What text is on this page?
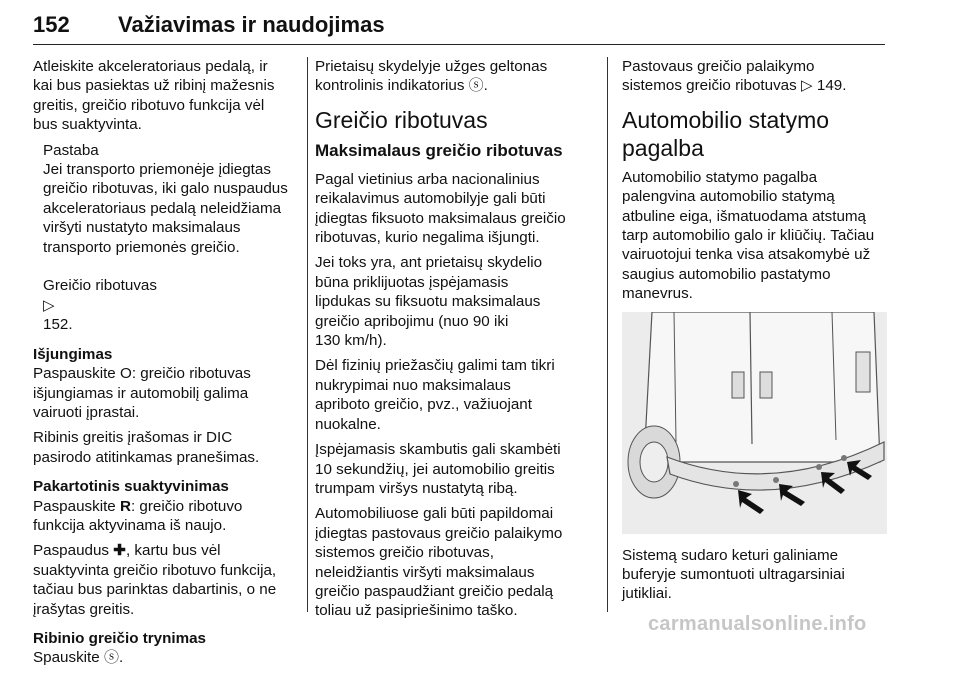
152 Važiavimas ir naudojimas

Atleiskite akceleratoriaus pedalą, ir
kai bus pasiektas už ribinį mažesnis
greitis, greičio ribotuvo funkcija vėl
bus suaktyvinta.

Pastaba

Jei transporto priemonėje įdiegtas
greičio ribotuvas, iki galo nuspaudus
akceleratoriaus pedalą neleidžiama
viršyti nustatyto maksimalaus
transporto priemonės greičio.

Greičio ribotuvas
▷
152.

Išjungimas

Paspauskite O: greičio ribotuvas
išjungiamas ir automobilį galima
vairuoti įprastai.

Ribinis greitis įrašomas ir DIC
pasirodo atitinkamas pranešimas.

Pakartotinis suaktyvinimas

Paspauskite R: greičio ribotuvo
funkcija aktyvinama iš naujo.

Paspaudus ✚, kartu bus vėl
suaktyvinta greičio ribotuvo funkcija,
tačiau bus parinktas dabartinis, o ne
įrašytas greitis.

Ribinio greičio trynimas

Spauskite ⓢ.

Prietaisų skydelyje užges geltonas
kontrolinis indikatorius ⓢ.

Greičio ribotuvas
Maksimalaus greičio ribotuvas

Pagal vietinius arba nacionalinius
reikalavimus automobilyje gali būti
įdiegtas fiksuoto maksimalaus greičio
ribotuvas, kurio negalima išjungti.

Jei toks yra, ant prietaisų skydelio
būna priklijuotas įspėjamasis
lipdukas su fiksuotu maksimalaus
greičio apribojimu (nuo 90 iki
130 km/h).

Dėl fizinių priežasčių galimi tam tikri
nukrypimai nuo maksimalaus
apriboto greičio, pvz., važiuojant
nuokalne.

Įspėjamasis skambutis gali skambėti
10 sekundžių, jei automobilio greitis
trumpam viršys nustatytą ribą.

Automobiliuose gali būti papildomai
įdiegtas pastovaus greičio palaikymo
sistemos greičio ribotuvas,
neleidžiantis viršyti maksimalaus
greičio paspaudžiant greičio pedalą
toliau už pasipriešinimo taško.

Pastovaus greičio palaikymo
sistemos greičio ribotuvas ▷ 149.

Automobilio statymo
pagalba

Automobilio statymo pagalba
palengvina automobilio statymą
atbuline eiga, išmatuodama atstumą
tarp automobilio galo ir kliūčių. Tačiau
vairuotojui tenka visa atsakomybė už
saugius automobilio pastatymo
manevrus.

Sistemą sudaro keturi galiniame
buferyje sumontuoti ultragarsiniai
jutikliai.

carmanualsonline.info
